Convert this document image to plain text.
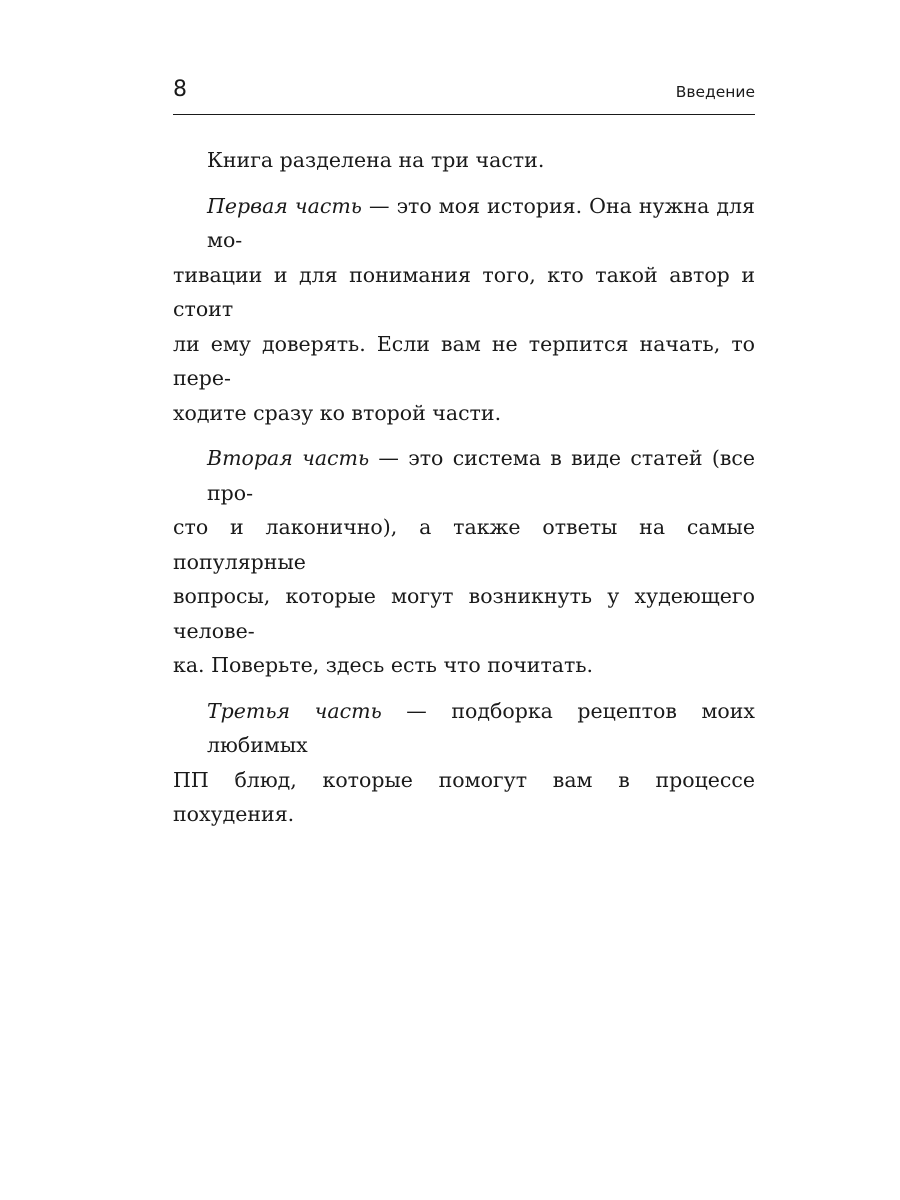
8	Введение

Книга разделена на три части.

Первая часть — это моя история. Она нужна для мо-
тивации и для понимания того, кто такой автор и стоит
ли ему доверять. Если вам не терпится начать, то пере-
ходите сразу ко второй части.

Вторая часть — это система в виде статей (все про-
сто и лаконично), а также ответы на самые популярные
вопросы, которые могут возникнуть у худеющего челове-
ка. Поверьте, здесь есть что почитать.

Третья часть — подборка рецептов моих любимых
ПП блюд, которые помогут вам в процессе похудения.
